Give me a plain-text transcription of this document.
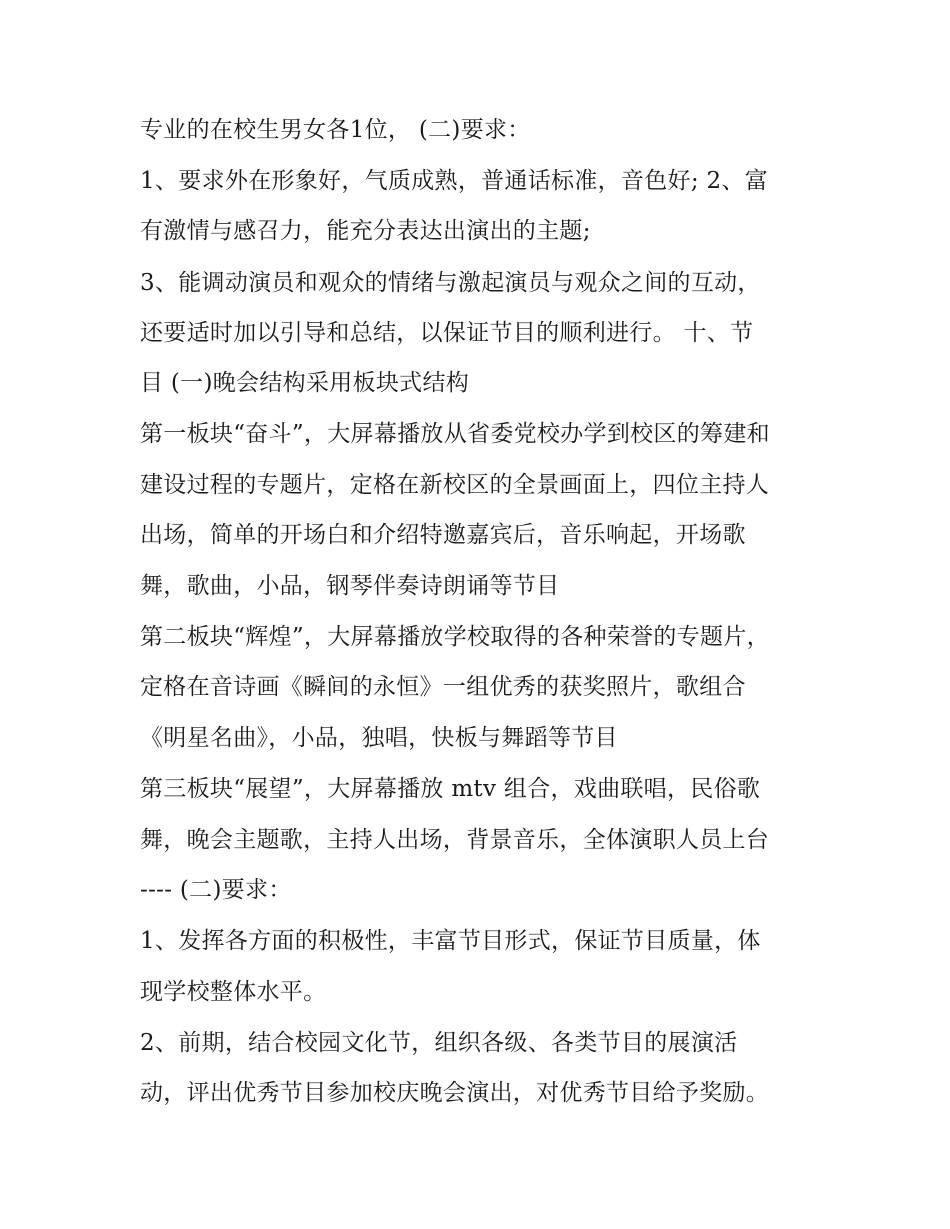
专业的在校生男女各1位， (二)要求：
1、要求外在形象好，气质成熟，普通话标准，音色好; 2、富
有激情与感召力，能充分表达出演出的主题;
3、能调动演员和观众的情绪与激起演员与观众之间的互动，
还要适时加以引导和总结，以保证节目的顺利进行。 十、节
目 (一)晚会结构采用板块式结构
第一板块“奋斗”，大屏幕播放从省委党校办学到校区的筹建和
建设过程的专题片，定格在新校区的全景画面上，四位主持人
出场，简单的开场白和介绍特邀嘉宾后，音乐响起，开场歌
舞，歌曲，小品，钢琴伴奏诗朗诵等节目
第二板块“辉煌”，大屏幕播放学校取得的各种荣誉的专题片，
定格在音诗画《瞬间的永恒》一组优秀的获奖照片，歌组合
《明星名曲》，小品，独唱，快板与舞蹈等节目
第三板块“展望”，大屏幕播放 mtv 组合，戏曲联唱，民俗歌
舞，晚会主题歌，主持人出场，背景音乐，全体演职人员上台
---- (二)要求：
1、发挥各方面的积极性，丰富节目形式，保证节目质量，体
现学校整体水平。
2、前期，结合校园文化节，组织各级、各类节目的展演活
动，评出优秀节目参加校庆晚会演出，对优秀节目给予奖励。
